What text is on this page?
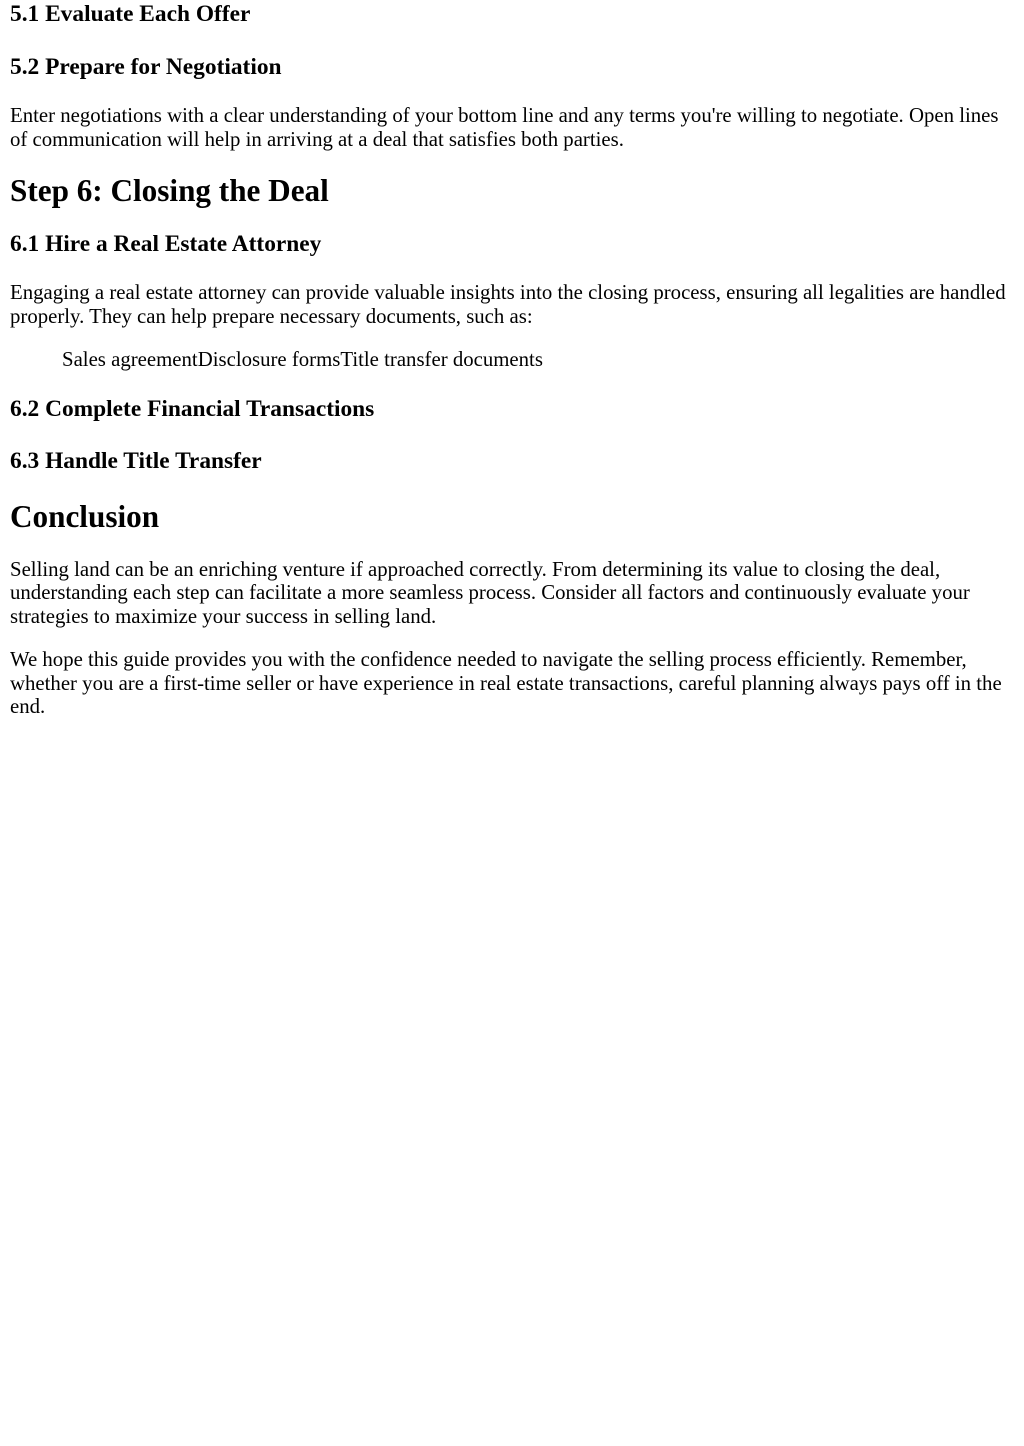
5.1 Evaluate Each Offer
5.2 Prepare for Negotiation

Enter negotiations with a clear understanding of your bottom line and any terms you're willing to negotiate. Open lines of communication will help in arriving at a deal that satisfies both parties.

Step 6: Closing the Deal
6.1 Hire a Real Estate Attorney

Engaging a real estate attorney can provide valuable insights into the closing process, ensuring all legalities are handled properly. They can help prepare necessary documents, such as:

Sales agreementDisclosure formsTitle transfer documents
6.2 Complete Financial Transactions
6.3 Handle Title Transfer
Conclusion

Selling land can be an enriching venture if approached correctly. From determining its value to closing the deal, understanding each step can facilitate a more seamless process. Consider all factors and continuously evaluate your strategies to maximize your success in selling land.

We hope this guide provides you with the confidence needed to navigate the selling process efficiently. Remember, whether you are a first-time seller or have experience in real estate transactions, careful planning always pays off in the end.
